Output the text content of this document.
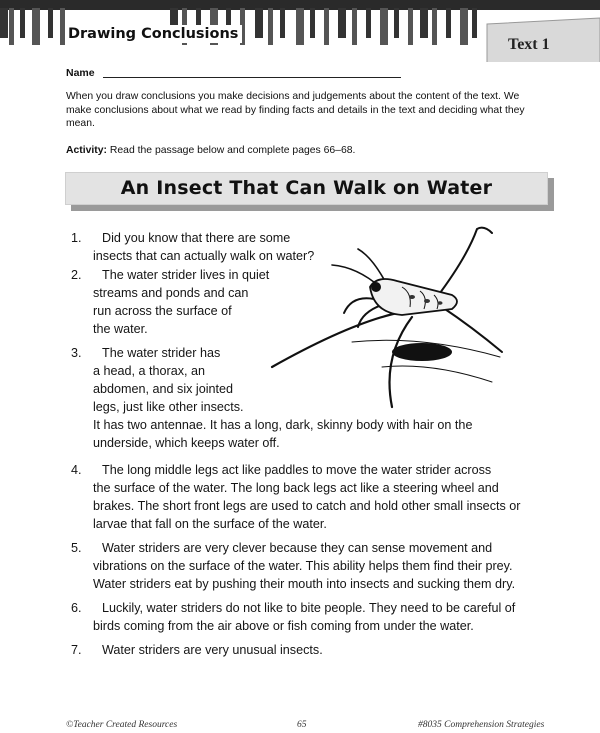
Drawing Conclusions
Text 1
Name
When you draw conclusions you make decisions and judgements about the content of the text. We make conclusions about what we read by finding facts and details in the text and deciding what they mean.
Activity: Read the passage below and complete pages 66–68.
An Insect That Can Walk on Water
1. Did you know that there are some
insects that can actually walk on water?
2. The water strider lives in quiet
streams and ponds and can
run across the surface of
the water.
3. The water strider has
a head, a thorax, an
abdomen, and six jointed
legs, just like other insects.
It has two antennae. It has a long, dark, skinny body with hair on the
underside, which keeps water off.
4. The long middle legs act like paddles to move the water strider across
the surface of the water. The long back legs act like a steering wheel and
brakes. The short front legs are used to catch and hold other small insects or
larvae that fall on the surface of the water.
5. Water striders are very clever because they can sense movement and
vibrations on the surface of the water. This ability helps them find their prey.
Water striders eat by pushing their mouth into insects and sucking them dry.
6. Luckily, water striders do not like to bite people. They need to be careful of
birds coming from the air above or fish coming from under the water.
7. Water striders are very unusual insects.
©Teacher Created Resources	65	#8035 Comprehension Strategies
